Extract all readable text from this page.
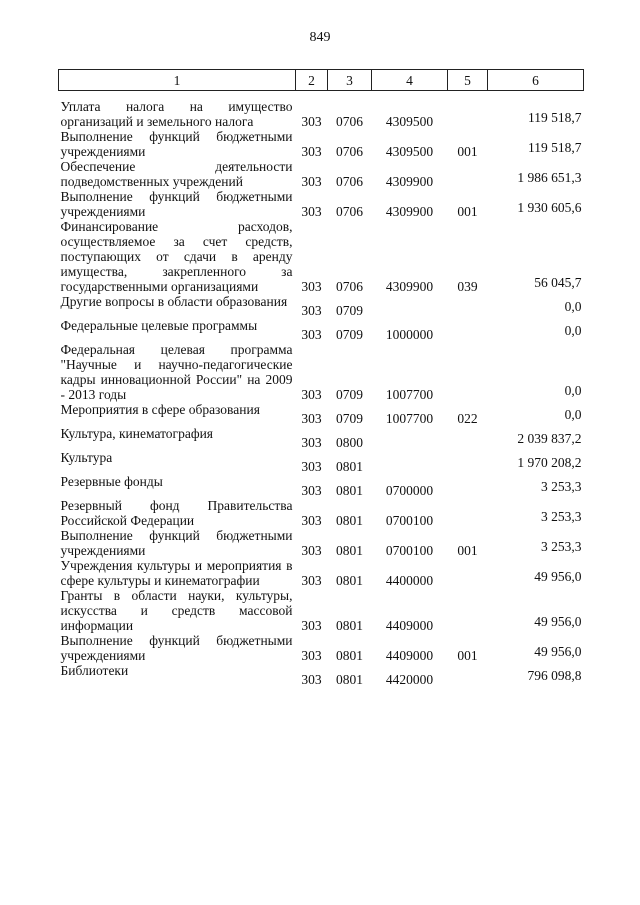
849
1	2	3	4	5	6

Уплата налога на имущество организаций и земельного налога	303	0706	4309500		119 518,7

Выполнение функций бюджетными учреждениями	303	0706	4309500	001	119 518,7

Обеспечение деятельности подведомственных учреждений	303	0706	4309900		1 986 651,3

Выполнение функций бюджетными учреждениями	303	0706	4309900	001	1 930 605,6

Финансирование расходов, осуществляемое за счет средств, поступающих от сдачи в аренду имущества, закрепленного за государственными организациями	303	0706	4309900	039	56 045,7

Другие вопросы в области образования	303	0709			0,0

Федеральные целевые программы	303	0709	1000000		0,0

Федеральная целевая программа "Научные и научно-педагогические кадры инновационной России" на 2009 - 2013 годы	303	0709	1007700		0,0

Мероприятия в сфере образования	303	0709	1007700	022	0,0

Культура, кинематография	303	0800			2 039 837,2

Культура	303	0801			1 970 208,2

Резервные фонды	303	0801	0700000		3 253,3

Резервный фонд Правительства Российской Федерации	303	0801	0700100		3 253,3

Выполнение функций бюджетными учреждениями	303	0801	0700100	001	3 253,3

Учреждения культуры и мероприятия в сфере культуры и кинематографии	303	0801	4400000		49 956,0

Гранты в области науки, культуры, искусства и средств массовой информации	303	0801	4409000		49 956,0

Выполнение функций бюджетными учреждениями	303	0801	4409000	001	49 956,0

Библиотеки	303	0801	4420000		796 098,8
